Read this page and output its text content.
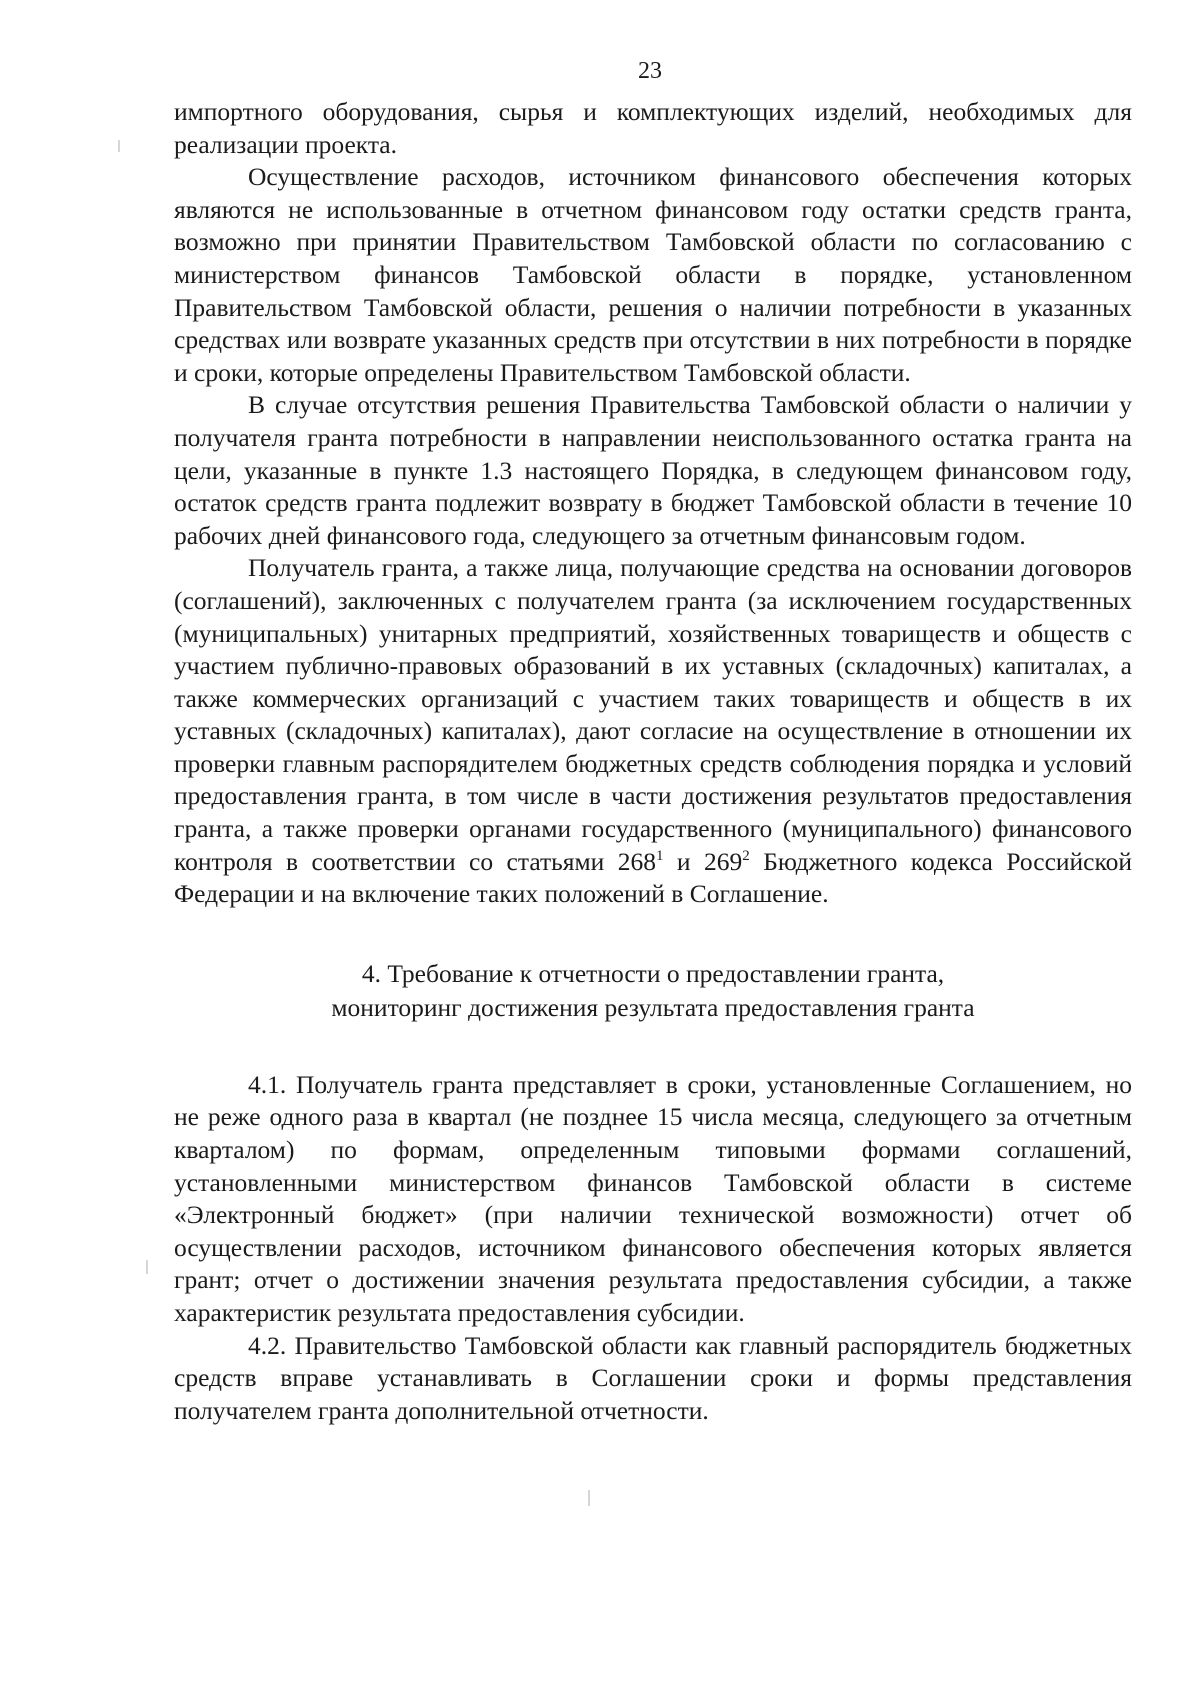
23

импортного оборудования, сырья и комплектующих изделий, необходимых для реализации проекта.

Осуществление расходов, источником финансового обеспечения которых являются не использованные в отчетном финансовом году остатки средств гранта, возможно при принятии Правительством Тамбовской области по согласованию с министерством финансов Тамбовской области в порядке, установленном Правительством Тамбовской области, решения о наличии потребности в указанных средствах или возврате указанных средств при отсутствии в них потребности в порядке и сроки, которые определены Правительством Тамбовской области.

В случае отсутствия решения Правительства Тамбовской области о наличии у получателя гранта потребности в направлении неиспользованного остатка гранта на цели, указанные в пункте 1.3 настоящего Порядка, в следующем финансовом году, остаток средств гранта подлежит возврату в бюджет Тамбовской области в течение 10 рабочих дней финансового года, следующего за отчетным финансовым годом.

Получатель гранта, а также лица, получающие средства на основании договоров (соглашений), заключенных с получателем гранта (за исключением государственных (муниципальных) унитарных предприятий, хозяйственных товариществ и обществ с участием публично-правовых образований в их уставных (складочных) капиталах, а также коммерческих организаций с участием таких товариществ и обществ в их уставных (складочных) капиталах), дают согласие на осуществление в отношении их проверки главным распорядителем бюджетных средств соблюдения порядка и условий предоставления гранта, в том числе в части достижения результатов предоставления гранта, а также проверки органами государственного (муниципального) финансового контроля в соответствии со статьями $268^1$ и $269^2$ Бюджетного кодекса Российской Федерации и на включение таких положений в Соглашение.

4. Требование к отчетности о предоставлении гранта,
мониторинг достижения результата предоставления гранта

4.1. Получатель гранта представляет в сроки, установленные Соглашением, но не реже одного раза в квартал (не позднее 15 числа месяца, следующего за отчетным кварталом) по формам, определенным типовыми формами соглашений, установленными министерством финансов Тамбовской области в системе «Электронный бюджет» (при наличии технической возможности) отчет об осуществлении расходов, источником финансового обеспечения которых является грант; отчет о достижении значения результата предоставления субсидии, а также характеристик результата предоставления субсидии.

4.2. Правительство Тамбовской области как главный распорядитель бюджетных средств вправе устанавливать в Соглашении сроки и формы представления получателем гранта дополнительной отчетности.
